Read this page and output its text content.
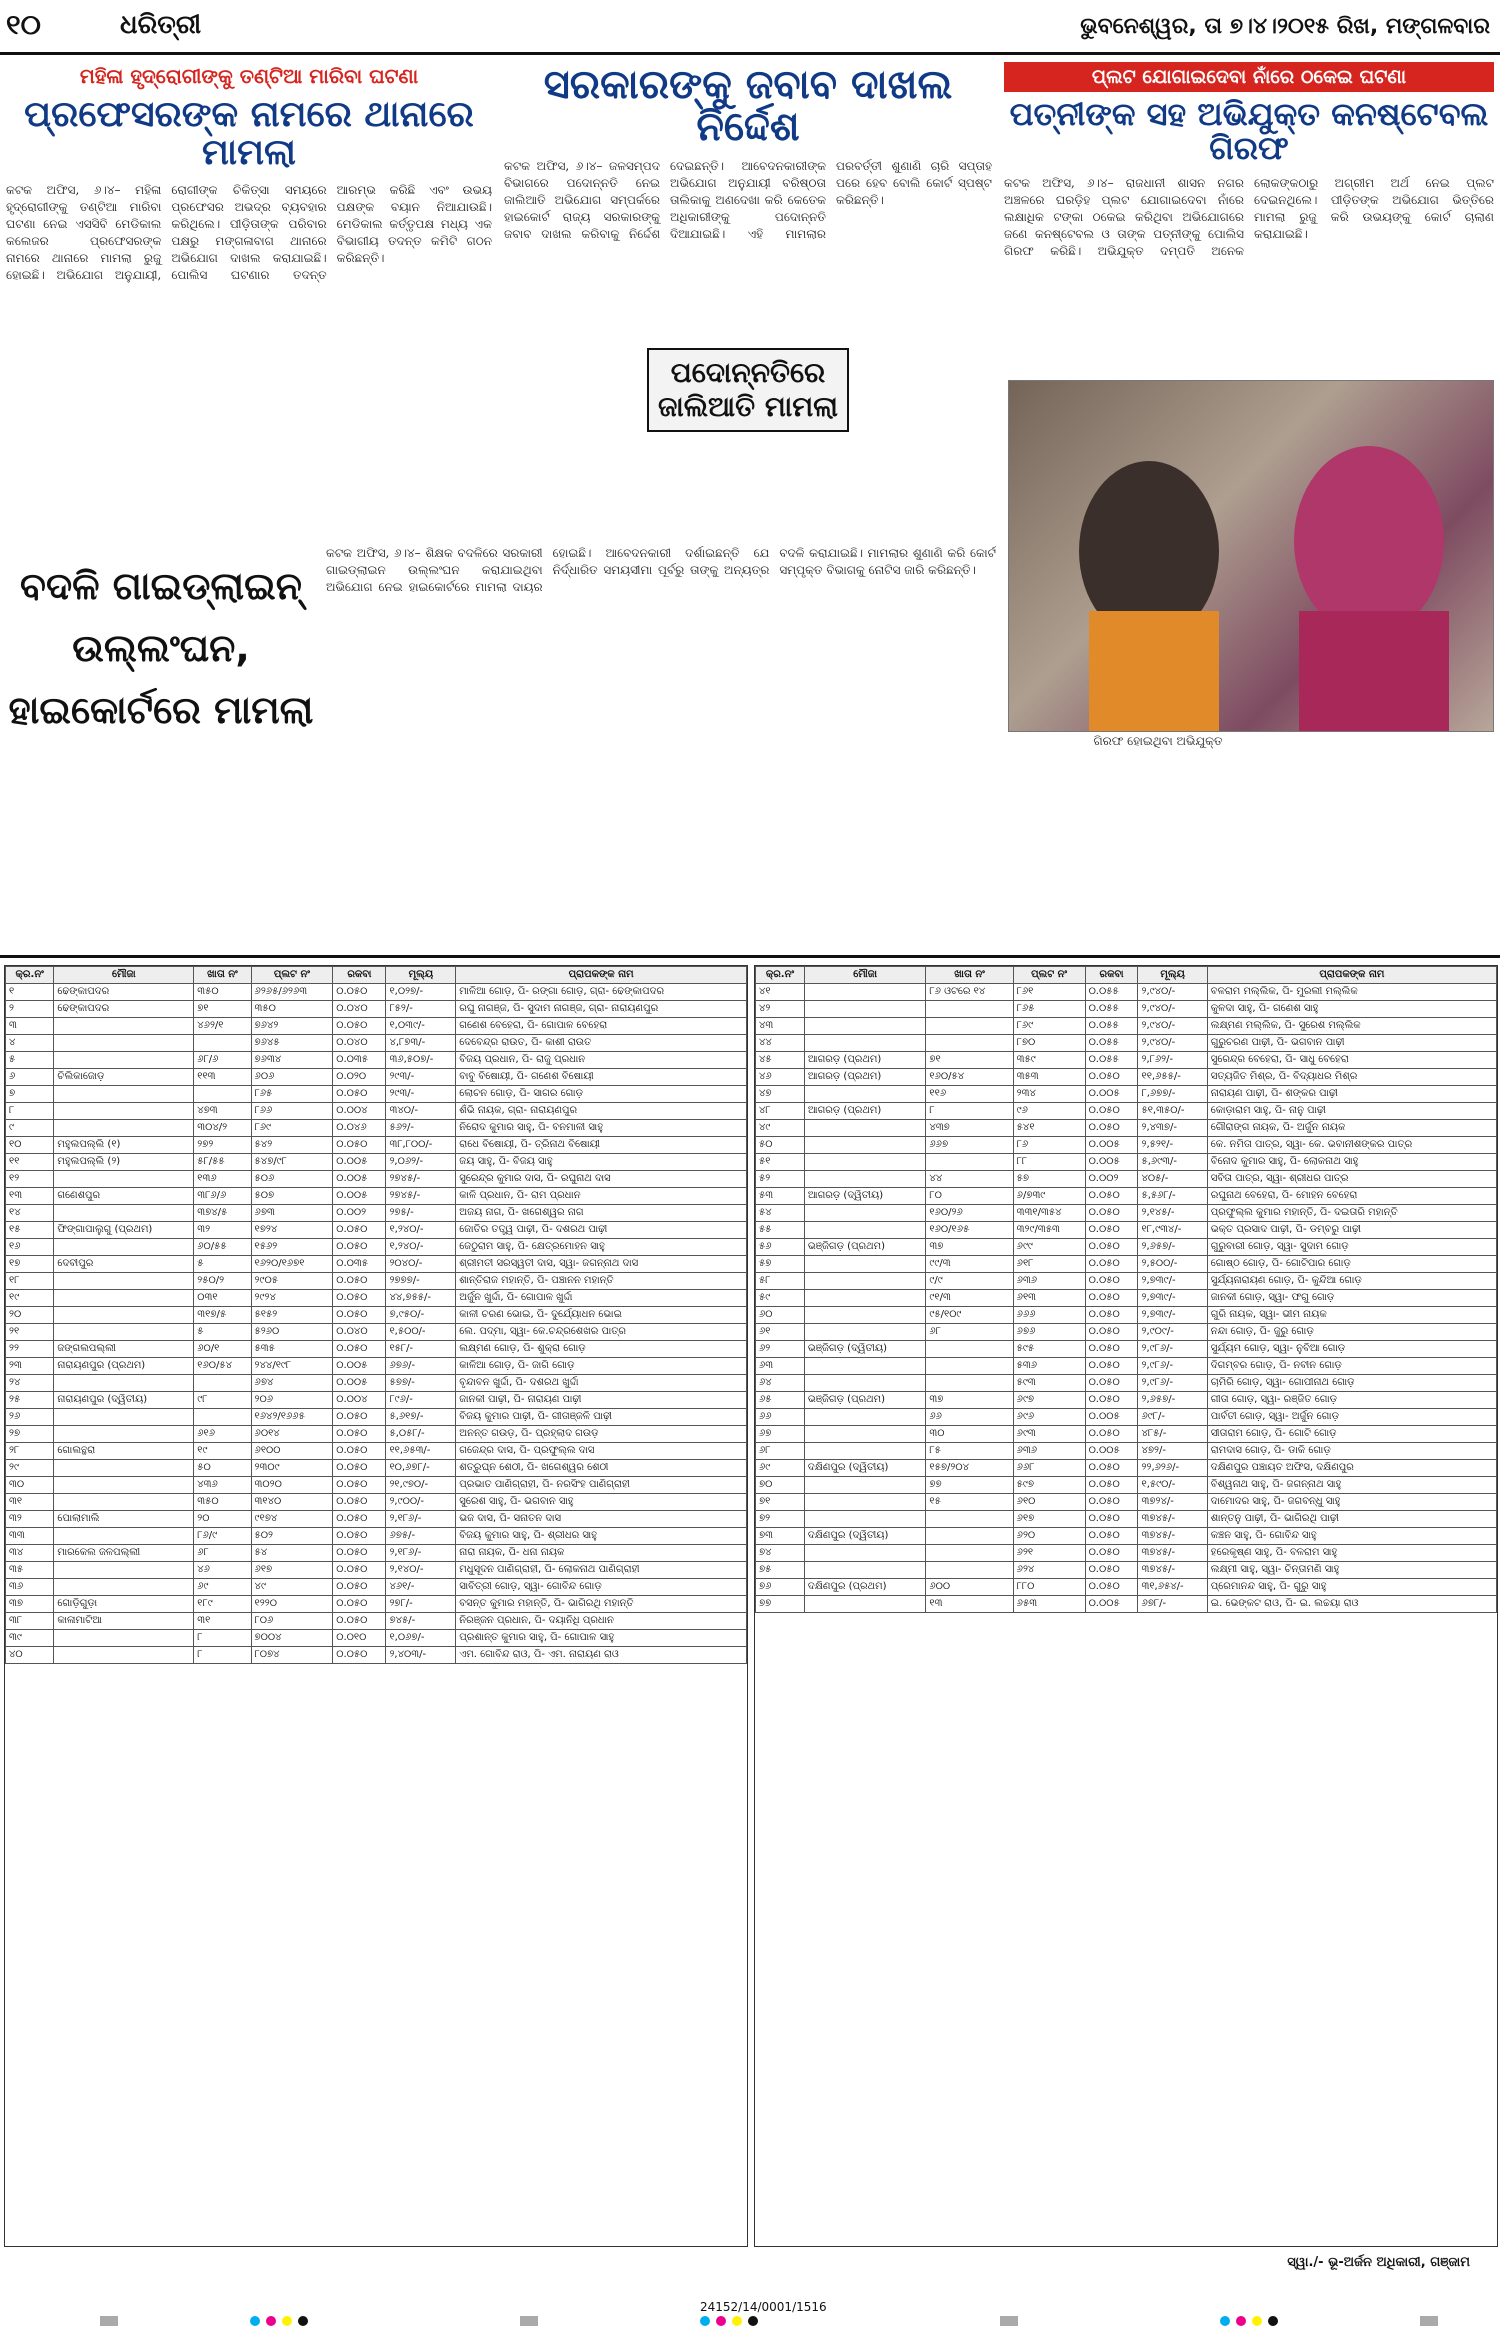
୧୦	ଧରିତ୍ରୀ	ଭୁବନେଶ୍ୱର, ତା ୭।୪।୨୦୧୫ ରିଖ, ମଙ୍ଗଳବାର
ମହିଳା ହୃଦ୍‌ରୋଗୀଙ୍କୁ ତଣ୍ଟିଆ ମାରିବା ଘଟଣା
ପ୍ରଫେସରଙ୍କ ନାମରେ ଥାନାରେ ମାମଲା
କଟକ ଅଫିସ, ୬।୪– ମହିଳା ହୃଦ୍‌ରୋଗୀଙ୍କୁ ତଣ୍ଟିଆ ମାରିବା ଘଟଣା ନେଇ ଏସସିବି ମେଡିକାଲ କଲେଜର ପ୍ରଫେସରଙ୍କ ନାମରେ ଥାନାରେ ମାମଲା ରୁଜୁ ହୋଇଛି। ଅଭିଯୋଗ ଅନୁଯାୟୀ, ରୋଗୀଙ୍କ ଚିକିତ୍ସା ସମୟରେ ପ୍ରଫେସର ଅଭଦ୍ର ବ୍ୟବହାର କରିଥିଲେ। ପୀଡ଼ିତାଙ୍କ ପରିବାର ପକ୍ଷରୁ ମଙ୍ଗଳାବାଗ ଥାନାରେ ଅଭିଯୋଗ ଦାଖଲ କରାଯାଇଛି। ପୋଲିସ ଘଟଣାର ତଦନ୍ତ ଆରମ୍ଭ କରିଛି ଏବଂ ଉଭୟ ପକ୍ଷଙ୍କ ବୟାନ ନିଆଯାଉଛି। ମେଡିକାଲ କର୍ତ୍ତୃପକ୍ଷ ମଧ୍ୟ ଏକ ବିଭାଗୀୟ ତଦନ୍ତ କମିଟି ଗଠନ କରିଛନ୍ତି।
ସରକାରଙ୍କୁ ଜବାବ ଦାଖଲ ନିର୍ଦ୍ଦେଶ
କଟକ ଅଫିସ, ୬।୪– ଜଳସମ୍ପଦ ବିଭାଗରେ ପଦୋନ୍ନତି ନେଇ ଜାଲିଆତି ଅଭିଯୋଗ ସମ୍ପର୍କରେ ହାଇକୋର୍ଟ ରାଜ୍ୟ ସରକାରଙ୍କୁ ଜବାବ ଦାଖଲ କରିବାକୁ ନିର୍ଦ୍ଦେଶ ଦେଇଛନ୍ତି। ଆବେଦନକାରୀଙ୍କ ଅଭିଯୋଗ ଅନୁଯାୟୀ ବରିଷ୍ଠତା ତାଲିକାକୁ ଅଣଦେଖା କରି କେତେକ ଅଧିକାରୀଙ୍କୁ ପଦୋନ୍ନତି ଦିଆଯାଇଛି। ଏହି ମାମଲାର ପରବର୍ତ୍ତୀ ଶୁଣାଣି ଚାରି ସପ୍ତାହ ପରେ ହେବ ବୋଲି କୋର୍ଟ ସ୍ପଷ୍ଟ କରିଛନ୍ତି।
ପଦୋନ୍ନତିରେ ଜାଲିଆତି ମାମଲା
ପ୍ଲଟ ଯୋଗାଇଦେବା ନାଁରେ ଠକେଇ ଘଟଣା
ପତ୍ନୀଙ୍କ ସହ ଅଭିଯୁକ୍ତ କନଷ୍ଟେବଲ ଗିରଫ
କଟକ ଅଫିସ, ୬।୪– ରାଜଧାନୀ ଶାସନ ନଗର ଅଞ୍ଚଳରେ ଘରଡ଼ିହ ପ୍ଲଟ ଯୋଗାଇଦେବା ନାଁରେ ଲକ୍ଷାଧିକ ଟଙ୍କା ଠକେଇ କରିଥିବା ଅଭିଯୋଗରେ ଜଣେ କନଷ୍ଟେବଲ ଓ ତାଙ୍କ ପତ୍ନୀଙ୍କୁ ପୋଲିସ ଗିରଫ କରିଛି। ଅଭିଯୁକ୍ତ ଦମ୍ପତି ଅନେକ ଲୋକଙ୍କଠାରୁ ଅଗ୍ରୀମ ଅର୍ଥ ନେଇ ପ୍ଲଟ ଦେଇନଥିଲେ। ପୀଡ଼ିତଙ୍କ ଅଭିଯୋଗ ଭିତ୍ତିରେ ମାମଲା ରୁଜୁ କରି ଉଭୟଙ୍କୁ କୋର୍ଟ ଚାଲାଣ କରାଯାଇଛି।
ଗିରଫ ହୋଇଥିବା ଅଭିଯୁକ୍ତ
ବଦଳି ଗାଇଡ୍‌ଲାଇନ୍ ଉଲ୍ଲଂଘନ, ହାଇକୋର୍ଟରେ ମାମଲା
କଟକ ଅଫିସ, ୬।୪– ଶିକ୍ଷକ ବଦଳିରେ ସରକାରୀ ଗାଇଡ୍‌ଲାଇନ ଉଲ୍ଲଂଘନ କରାଯାଇଥିବା ଅଭିଯୋଗ ନେଇ ହାଇକୋର୍ଟରେ ମାମଲା ଦାୟର ହୋଇଛି। ଆବେଦନକାରୀ ଦର୍ଶାଇଛନ୍ତି ଯେ ନିର୍ଦ୍ଧାରିତ ସମୟସୀମା ପୂର୍ବରୁ ତାଙ୍କୁ ଅନ୍ୟତ୍ର ବଦଳି କରାଯାଇଛି। ମାମଲାର ଶୁଣାଣି କରି କୋର୍ଟ ସମ୍ପୃକ୍ତ ବିଭାଗକୁ ନୋଟିସ ଜାରି କରିଛନ୍ତି।
କ୍ର.ନଂ	ମୌଜା	ଖାତା ନଂ	ପ୍ଲଟ ନଂ	ରକବା	ମୂଲ୍ୟ	ପ୍ରାପକଙ୍କ ନାମ
୧	ଢେଙ୍କାପଦର	୩୫୦	୬୨୬୫/୬୨୬୩	୦.୦୫୦	୧,୦୨୭/-	ମାଳିଆ ଗୋଡ଼, ପି- ରଙ୍ଗା ଗୋଡ଼, ଗ୍ରା- ଢେଙ୍କାପଦର
୨	ଢେଙ୍କାପଦର	୭୧	୩୫୦	୦.୦୪୦	୮୫୨/-	ରଘୁ ନାଗଞ୍ଜ, ପି- ସୁଦାମ ନାଗଞ୍ଜ, ଗ୍ରା- ନାରାୟଣପୁର
୩		୪୬୨/୧	୭୬୪୨	୦.୦୫୦	୧,୦୩୯/-	ଗଣେଶ ବେହେରା, ପି- ଗୋପାଳ ବେହେରା
୪			୭୬୪୫	୦.୦୪୦	୪,୮୭୩/-	ଦେବେନ୍ଦ୍ର ରାଉତ, ପି- କାଶୀ ରାଉତ
୫		୬୮/୬	୭୬୩୪	୦.୦୩୫	୩୬,୫୦୭/-	ବିଜୟ ପ୍ରଧାନ, ପି- ରାଜୁ ପ୍ରଧାନ
୬	ଚିଲିକାଜୋଡ଼	୧୧୩	୬୦୬	୦.୦୨୦	୨୯୩/-	ବାବୁ ବିଷୋୟୀ, ପି- ଗଣେଶ ବିଷୋୟୀ
୭			୮୬୫	୦.୦୫୦	୨୯୩/-	ଲୋଚନ ଗୋଡ଼, ପି- ସାଗର ଗୋଡ଼
୮		୪୭୩	୮୬୬	୦.୦୦୪	୩୪୦/-	ଶଁଭି ନାୟକ, ଗ୍ରା- ନାରାୟଣପୁର
୯		୩୦୪/୨	୮୬୯	୦.୦୪୬	୫୬୨/-	ନିରୋଦ କୁମାର ସାହୁ, ପି- ବନମାଳୀ ସାହୁ
୧୦	ମହୁଲପଲ୍ଲି (୧)	୨୭୨	୫୪୨	୦.୦୫୦	୩୮,୮୦୦/-	ରାଧେ ବିଷୋୟୀ, ପି- ତ୍ରିନାଥ ବିଷୋୟୀ
୧୧	ମହୁଲପଲ୍ଲି (୨)	୫୮/୫୫	୫୪୭/୯୮	୦.୦୦୫	୨,୦୬୨/-	ଜୟ ସାହୁ, ପି- ବିଜୟ ସାହୁ
୧୨		୧୩୬	୫୦୬	୦.୦୦୫	୨୭୪୫/-	ସୁରେନ୍ଦ୍ର କୁମାର ଦାସ, ପି- ରଘୁନାଥ ଦାସ
୧୩	ଗଣେଶପୁର	୩୮୬/୬	୫୦୭	୦.୦୦୫	୨୭୪୫/-	କାଳି ପ୍ରଧାନ, ପି- ରାମ ପ୍ରଧାନ
୧୪		୩୭୪/୫	୬୭୩	୦.୦୦୨	୨୭୫/-	ଅଜୟ ନାଗ, ପି- ଖଗେଶ୍ୱର ନାଗ
୧୫	ଫିଙ୍ଗାପାଲୁଗୁ (ପ୍ରଥମ)	୩୨	୧୭୨୪	୦.୦୫୦	୧,୨୪୦/-	ଜୋତିର ତତ୍ତ୍ୱ ପାଢ଼ୀ, ପି- ଦଶରଥ ପାଢ଼ୀ
୧୬		୬୦/୫୫	୧୫୬୨	୦.୦୫୦	୧,୨୪୦/-	ଜେଠୁରାମ ସାହୁ, ପି- କ୍ଷେତ୍ରମୋହନ ସାହୁ
୧୭	ଦେବୀପୁର	୫	୧୬୨୦/୧୬୭୧	୦.୦୩୫	୨୦୪୦/-	ଶ୍ରୀମତୀ ସରସ୍ୱତୀ ଦାସ, ସ୍ୱା- ଜଗନ୍ନାଥ ଦାସ
୧୮		୨୫୦/୨	୨୯୦୫	୦.୦୫୦	୨୭୭୭/-	ଶାନ୍ତିରାଜ ମହାନ୍ତି, ପି- ପଞ୍ଚାନନ ମହାନ୍ତି
୧୯		୦୩୧	୨୯୨୪	୦.୦୫୦	୪୪,୭୫୫/-	ଅର୍ଜୁନ ଖୁର୍ଦ୍ଦା, ପି- ଗୋପାଳ ଖୁର୍ଦ୍ଦା
୨୦		୩୧୭/୫	୫୧୫୨	୦.୦୫୦	୭,୯୫୦/-	କାଳୀ ଚରଣ ଭୋଇ, ପି- ଦୁର୍ଯ୍ୟୋଧନ ଭୋଇ
୨୧		୫	୫୨୬୦	୦.୦୪୦	୧,୫୦୦/-	ଲେ. ପଦ୍ମା, ସ୍ୱା- କେ.ଚନ୍ଦ୍ରଶେଖର ପାତ୍ର
୨୨	ଜଙ୍ଗଲପଲ୍ଲୀ	୬୦/୧	୫୩୫	୦.୦୫୦	୧୫୮/-	ଲକ୍ଷ୍ମଣ ଗୋଡ଼, ପି- ଶୁକ୍ରା ଗୋଡ଼
୨୩	ନାରାୟଣପୁର (ପ୍ରଥମ)	୧୬୦/୫୪	୨୪୪/୧୯୮	୦.୦୦୫	୬୭୬/-	କାଳିଆ ଗୋଡ଼, ପି- ଜାଗି ଗୋଡ଼
୨୪			୬୭୪	୦.୦୦୫	୫୭୭/-	ବୃନ୍ଦାବନ ଖୁର୍ଦ୍ଦା, ପି- ଦଶରଥ ଖୁର୍ଦ୍ଦା
୨୫	ନାରାୟଣପୁର (ଦ୍ୱିତୀୟ)	୯୮	୨୦୬	୦.୦୦୪	୮୯୬/-	ଜାନକୀ ପାଢ଼ୀ, ପି- ନାରାୟଣ ପାଢ଼ୀ
୨୬			୧୬୪୨/୧୬୬୫	୦.୦୫୦	୫,୬୧୭/-	ବିଜୟ କୁମାର ପାଢ଼ୀ, ପି- ଗୀତାଞ୍ଜଳି ପାଢ଼ୀ
୨୭		୬୧୬	୬୦୧୪	୦.୦୫୦	୫,୦୫୮/-	ଅନନ୍ତ ଗଉଡ଼, ପି- ପ୍ରହ୍ଲାଦ ଗଉଡ଼
୨୮	ଗୋଲନ୍ଥରା	୧୯	୬୧୦୦	୦.୦୫୦	୧୧,୬୫୩/-	ଗଜେନ୍ଦ୍ର ଦାସ, ପି- ପ୍ରଫୁଲ୍ଲ ଦାସ
୨୯		୫୦	୨୩୦୯	୦.୦୫୦	୧୦,୬୭୮/-	ଶତ୍ରୁଘ୍ନ ଶେଠୀ, ପି- ଖଗେଶ୍ୱର ଶେଠୀ
୩୦		୪୩୬	୩୦୨୦	୦.୦୫୦	୨୧,୯୭୦/-	ପ୍ରଭାତ ପାଣିଗ୍ରାହୀ, ପି- ନରସିଂହ ପାଣିଗ୍ରାହୀ
୩୧		୩୫୦	୩୧୪୦	୦.୦୫୦	୨,୯୦୦/-	ସୁରେଶ ସାହୁ, ପି- ଭଗବାନ ସାହୁ
୩୨	ପୋଲାମାଲି	୨୦	୯୧୭୪	୦.୦୫୦	୨,୧୮୬/-	ଭଜ ଦାସ, ପି- ସନାତନ ଦାସ
୩୩		୮୬/୯	୫୦୨	୦.୦୫୦	୬୭୫/-	ବିଜୟ କୁମାର ସାହୁ, ପି- ଶ୍ରୀଧର ସାହୁ
୩୪	ମାରକେଲ ଜଳପଲ୍ଲୀ	୬୮	୫୪	୦.୦୫୦	୨,୧୮୬/-	ନାରା ନାୟକ, ପି- ଧନା ନାୟକ
୩୫		୪୬	୬୧୭	୦.୦୫୦	୨,୧୪୦/-	ମଧୁସୂଦନ ପାଣିଗ୍ରାହୀ, ପି- ଲୋକନାଥ ପାଣିଗ୍ରାହୀ
୩୬		୬୯	୪୯	୦.୦୫୦	୪୬୧/-	ସାବିତ୍ରୀ ଗୋଡ଼, ସ୍ୱା- ଗୋବିନ୍ଦ ଗୋଡ଼
୩୭	ଗୋଡ଼ିଗୁଡ଼ା	୧୮୯	୧୨୨୦	୦.୦୫୦	୨୭୮/-	ବସନ୍ତ କୁମାର ମହାନ୍ତି, ପି- ଭାଗିରଥି ମହାନ୍ତି
୩୮	କାଳାମାଟିଆ	୩୧	୮୦୬	୦.୦୫୦	୭୪୫/-	ନିରଞ୍ଜନ ପ୍ରଧାନ, ପି- ଦୟାନିଧି ପ୍ରଧାନ
୩୯		୮	୭୦୦୪	୦.୦୧୦	୧,୦୬୭/-	ପ୍ରଶାନ୍ତ କୁମାର ସାହୁ, ପି- ଗୋପାଳ ସାହୁ
୪୦		୮	୮୦୭୪	୦.୦୫୦	୨,୪୦୩/-	ଏମ. ଗୋବିନ୍ଦ ରାଓ, ପି- ଏମ. ନାରାୟଣ ରାଓ
କ୍ର.ନଂ	ମୌଜା	ଖାତା ନଂ	ପ୍ଲଟ ନଂ	ରକବା	ମୂଲ୍ୟ	ପ୍ରାପକଙ୍କ ନାମ
୪୧		୮୬ ଓଟରେ ୧୪	୮୬୧	୦.୦୫୫	୨,୯୪୦/-	ବଳରାମ ମଲ୍ଲିକ, ପି- ମୁରଲୀ ମଲ୍ଲିକ
୪୨			୮୬୫	୦.୦୫୫	୨,୯୪୦/-	କୁଳଦା ସାହୁ, ପି- ଗଣେଶ ସାହୁ
୪୩			୮୬୯	୦.୦୫୫	୨,୯୪୦/-	ଲକ୍ଷ୍ମଣ ମଲ୍ଲିକ, ପି- ସୁରେଶ ମଲ୍ଲିକ
୪୪			୮୭୦	୦.୦୫୫	୨,୯୪୦/-	ଗୁରୁଚରଣ ପାଢ଼ୀ, ପି- ଭଗବାନ ପାଢ଼ୀ
୪୫	ଆଗରଡ଼ (ପ୍ରଥମ)	୭୧	୩୫୯	୦.୦୫୫	୨,୮୬୨/-	ସୁରେନ୍ଦ୍ର ବେହେରା, ପି- ସାଧୁ ବେହେରା
୪୬	ଆଗରଡ଼ (ପ୍ରଥମ)	୧୬୦/୫୪	୩୫୩	୦.୦୫୦	୧୧,୬୫୫/-	ସତ୍ୟଜିତ ମିଶ୍ର, ପି- ବିଦ୍ୟାଧର ମିଶ୍ର
୪୭		୧୧୬	୨୩୪	୦.୦୦୫	୮,୬୭୭/-	ନାରାୟଣ ପାଢ଼ୀ, ପି- ଶଙ୍କର ପାଢ଼ୀ
୪୮	ଆଗରଡ଼ (ପ୍ରଥମ)	୮	୯୬	୦.୦୫୦	୫୧,୩୫୦/-	କୋଡ଼ାରାମ ସାହୁ, ପି- ନାନୁ ପାଢ଼ୀ
୪୯		୪୩୭	୫୪୧	୦.୦୫୦	୨,୪୩୭/-	ଗୌରାଙ୍ଗ ନାୟକ, ପି- ଅର୍ଜୁନ ନାୟକ
୫୦		୬୬୭	୮୬	୦.୦୦୫	୨,୫୨୧/-	କେ. ନମିତା ପାତ୍ର, ସ୍ୱା- କେ. ଭବାନୀଶଙ୍କର ପାତ୍ର
୫୧			୮୮	୦.୦୦୫	୫,୬୯୩/-	ବିନୋଦ କୁମାର ସାହୁ, ପି- ଲୋକନାଥ ସାହୁ
୫୨		୪୪	୫୭	୦.୦୦୨	୪୦୫/-	ସବିତା ପାତ୍ର, ସ୍ୱା- ଶ୍ରୀଧର ପାତ୍ର
୫୩	ଆଗରଡ଼ (ଦ୍ୱିତୀୟ)	୮୦	୬/୭୩୯	୦.୦୫୦	୫,୫୬୮/-	ରଘୁନାଥ ବେହେରା, ପି- ମୋହନ ବେହେରା
୫୪		୧୬୦/୨୬	୩୩୧/୩୫୪	୦.୦୫୦	୨,୧୪୫/-	ପ୍ରଫୁଲ୍ଲ କୁମାର ମହାନ୍ତି, ପି- ଦଇତାରି ମହାନ୍ତି
୫୫		୧୬୦/୧୬୫	୩୨୯/୩୫୩	୦.୦୫୦	୧୮,୯୩୪/-	ଭକ୍ତ ପ୍ରସାଦ ପାଢ଼ୀ, ପି- ଡମ୍ବରୁ ପାଢ଼ୀ
୫୬	ଭଞ୍ଜିଗଡ଼ (ପ୍ରଥମ)	୩୭	୬୯୯	୦.୦୫୦	୨,୬୫୭/-	ଗୁରୁବାରୀ ଗୋଡ଼, ସ୍ୱା- ସୁଦାମ ଗୋଡ଼
୫୭		୯୯/୩	୬୧୮	୦.୦୫୦	୨,୫୦୦/-	ଗୋଷ୍ଠ ଗୋଡ଼, ପି- ଗୋଟିପାର ଗୋଡ଼
୫୮		୯/୯	୬୩୬	୦.୦୫୦	୨,୭୩୯/-	ସୁର୍ଯ୍ୟନାରାୟଣ ଗୋଡ଼, ପି- କୁନ୍ଦିଆ ଗୋଡ଼
୫୯		୯୧/୩	୬୧୩	୦.୦୫୦	୨,୭୩୯/-	ଜାନକୀ ଗୋଡ଼, ସ୍ୱା- ଫଗୁ ଗୋଡ଼
୬୦		୯୫/୧୦୯	୬୬୬	୦.୦୫୦	୨,୭୩୯/-	ଗୁରି ନାୟକ, ସ୍ୱା- ଭୀମ ନାୟକ
୬୧		୬୮	୬୭୬	୦.୦୫୦	୨,୯୦୯/-	ନନ୍ଦା ଗୋଡ଼, ପି- ଜୁରୁ ଗୋଡ଼
୬୨	ଭଞ୍ଜିଗଡ଼ (ଦ୍ୱିତୀୟ)		୫୯୫	୦.୦୫୦	୨,୯୮୬/-	ସୁର୍ଯ୍ୟମ ଗୋଡ଼, ସ୍ୱା- ନୁବିଆ ଗୋଡ଼
୬୩			୫୩୬	୦.୦୫୦	୨,୯୮୬/-	ଦିଗମ୍ବର ଗୋଡ଼, ପି- ନବୀନ ଗୋଡ଼
୬୪			୫୯୩	୦.୦୫୦	୨,୯୮୬/-	ଚାମିରି ଗୋଡ଼, ସ୍ୱା- ଗୋପୀନାଥ ଗୋଡ଼
୬୫	ଭଞ୍ଜିଗଡ଼ (ପ୍ରଥମ)	୩୭	୬୯୭	୦.୦୫୦	୨,୬୫୭/-	ଗୀତା ଗୋଡ଼, ସ୍ୱା- ରଞ୍ଜିତ ଗୋଡ଼
୬୬		୬୬	୬୯୬	୦.୦୦୫	୬୯୮/-	ପାର୍ବତୀ ଗୋଡ଼, ସ୍ୱା- ଅର୍ଜୁନ ଗୋଡ଼
୬୭		୩୦	୬୯୩	୦.୦୫୦	୪୮୫/-	ସୀତାରାମ ଗୋଡ଼, ପି- ଗୋଟି ଗୋଡ଼
୬୮		୮୫	୬୩୬	୦.୦୦୫	୪୭୨/-	ରାମଦାସ ଗୋଡ଼, ପି- ଡାକି ଗୋଡ଼
୬୯	ଦକ୍ଷିଣପୁର (ଦ୍ୱିତୀୟ)	୧୫୭/୨୦୪	୬୬୮	୦.୦୫୦	୨୨,୬୨୬/-	ଦକ୍ଷିଣପୁର ପଞ୍ଚାୟତ ଅଫିସ, ଦକ୍ଷିଣପୁର
୭୦		୭୭	୫୯୭	୦.୦୫୦	୧,୫୯୦/-	ବିଶ୍ୱନାଥ ସାହୁ, ପି- ଜଗନ୍ନାଥ ସାହୁ
୭୧		୧୫	୬୧୦	୦.୦୫୦	୩୭୨୪/-	ଦାମୋଦର ସାହୁ, ପି- ଜଗବନ୍ଧୁ ସାହୁ
୭୨			୬୧୭	୦.୦୫୦	୩୭୪୫/-	ଶାନ୍ତନୁ ପାଢ଼ୀ, ପି- ଭାଗିରଥି ପାଢ଼ୀ
୭୩	ଦକ୍ଷିଣପୁର (ଦ୍ୱିତୀୟ)		୬୨୦	୦.୦୫୦	୩୭୪୫/-	କଞ୍ଚନ ସାହୁ, ପି- ଗୋବିନ୍ଦ ସାହୁ
୭୪			୬୨୧	୦.୦୫୦	୩୭୪୫/-	ହରେକୃଷ୍ଣ ସାହୁ, ପି- ବଳରାମ ସାହୁ
୭୫			୬୨୪	୦.୦୫୦	୩୭୪୫/-	ଲକ୍ଷ୍ମୀ ସାହୁ, ସ୍ୱା- ଚିନ୍ତାମଣି ସାହୁ
୭୬	ଦକ୍ଷିଣପୁର (ପ୍ରଥମ)	୬୦୦	୮୮୦	୦.୦୫୦	୩୧,୬୫୪/-	ପ୍ରେମାନନ୍ଦ ସାହୁ, ପି- ଗୁରୁ ସାହୁ
୭୭		୧୩	୬୫୩	୦.୦୦୫	୬୭୮/-	ଇ. ଭେଙ୍କଟ ରାଓ, ପି- ଇ. ଲଚ୍ଚୟା ରାଓ
ସ୍ୱା./- ଭୂ-ଅର୍ଜନ ଅଧିକାରୀ, ଗଞ୍ଜାମ
24152/14/0001/1516
